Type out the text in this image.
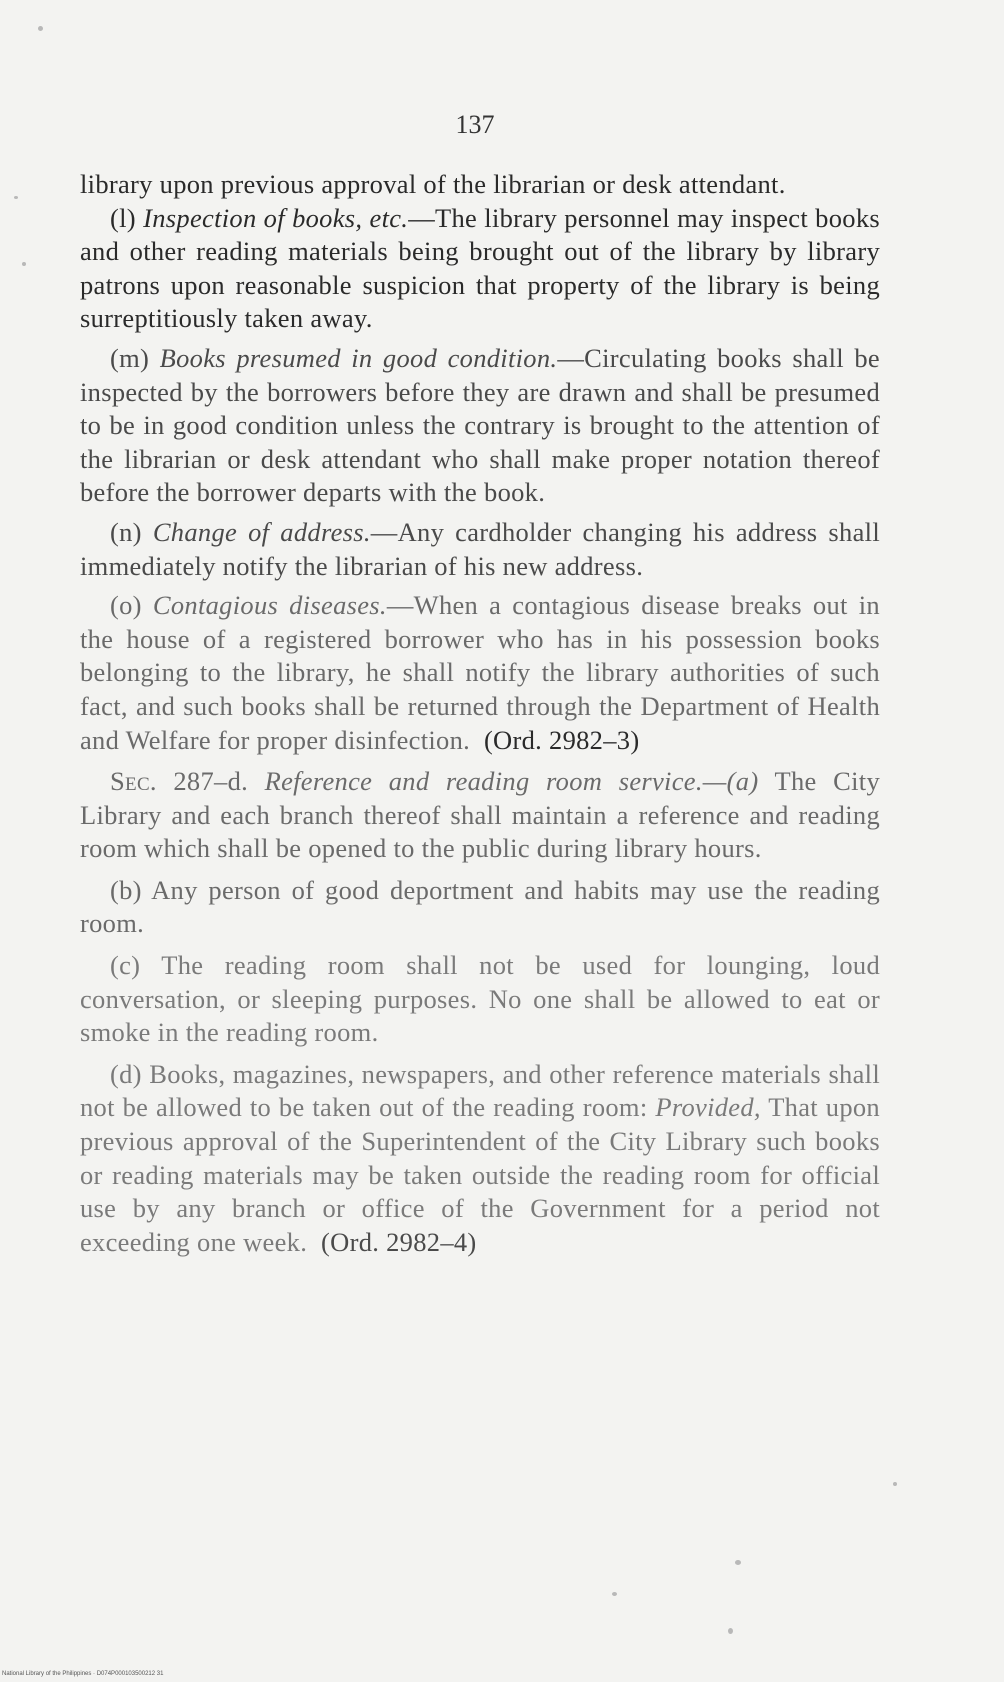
137

library upon previous approval of the librarian or desk attendant.

(l) Inspection of books, etc.—The library personnel may inspect books and other reading materials being brought out of the library by library patrons upon reasonable suspicion that property of the library is being surreptitiously taken away.

(m) Books presumed in good condition.—Circulating books shall be inspected by the borrowers before they are drawn and shall be presumed to be in good condition unless the contrary is brought to the attention of the librarian or desk attendant who shall make proper notation thereof before the borrower departs with the book.

(n) Change of address.—Any cardholder changing his address shall immediately notify the librarian of his new address.

(o) Contagious diseases.—When a contagious disease breaks out in the house of a registered borrower who has in his possession books belonging to the library, he shall notify the library authorities of such fact, and such books shall be returned through the Department of Health and Welfare for proper disinfection. (Ord. 2982–3)

Sec. 287–d. Reference and reading room service.—(a) The City Library and each branch thereof shall maintain a reference and reading room which shall be opened to the public during library hours.

(b) Any person of good deportment and habits may use the reading room.

(c) The reading room shall not be used for lounging, loud conversation, or sleeping purposes. No one shall be allowed to eat or smoke in the reading room.

(d) Books, magazines, newspapers, and other reference materials shall not be allowed to be taken out of the reading room: Provided, That upon previous approval of the Superintendent of the City Library such books or reading materials may be taken outside the reading room for official use by any branch or office of the Government for a period not exceeding one week. (Ord. 2982–4)

National Library of the Philippines · D074P000103500212 31
